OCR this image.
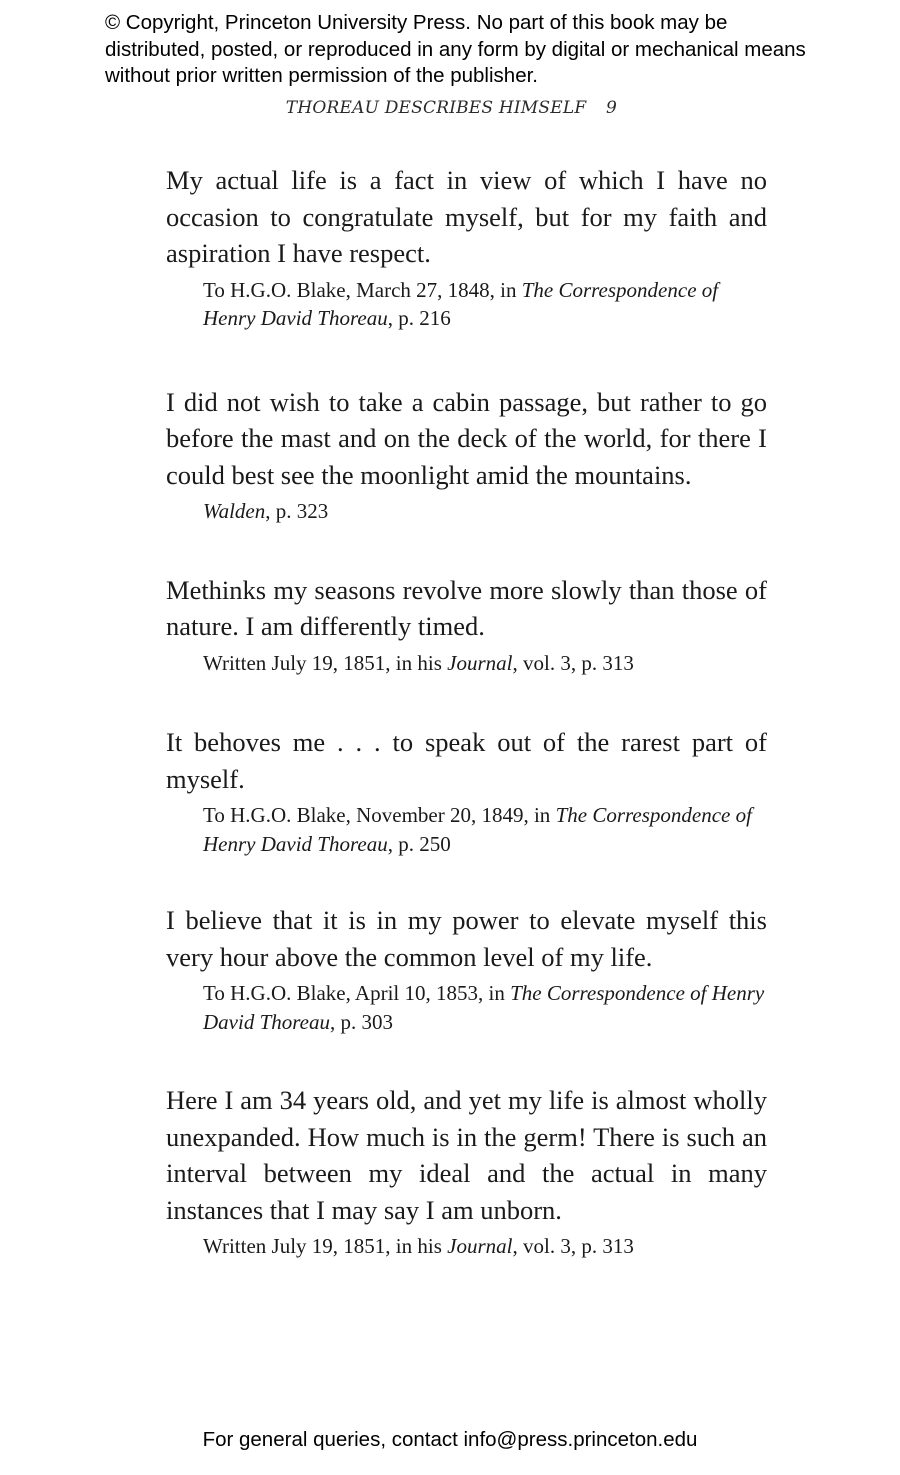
© Copyright, Princeton University Press. No part of this book may be distributed, posted, or reproduced in any form by digital or mechanical means without prior written permission of the publisher.
THOREAU DESCRIBES HIMSELF 9

My actual life is a fact in view of which I have no occasion to congratulate myself, but for my faith and aspiration I have respect.

To H.G.O. Blake, March 27, 1848, in The Correspondence of Henry David Thoreau, p. 216

I did not wish to take a cabin passage, but rather to go before the mast and on the deck of the world, for there I could best see the moonlight amid the mountains.

Walden, p. 323

Methinks my seasons revolve more slowly than those of nature. I am differently timed.

Written July 19, 1851, in his Journal, vol. 3, p. 313

It behoves me . . . to speak out of the rarest part of myself.

To H.G.O. Blake, November 20, 1849, in The Correspondence of Henry David Thoreau, p. 250

I believe that it is in my power to elevate myself this very hour above the common level of my life.

To H.G.O. Blake, April 10, 1853, in The Correspondence of Henry David Thoreau, p. 303

Here I am 34 years old, and yet my life is almost wholly unexpanded. How much is in the germ! There is such an interval between my ideal and the actual in many instances that I may say I am unborn.

Written July 19, 1851, in his Journal, vol. 3, p. 313
For general queries, contact info@press.princeton.edu
